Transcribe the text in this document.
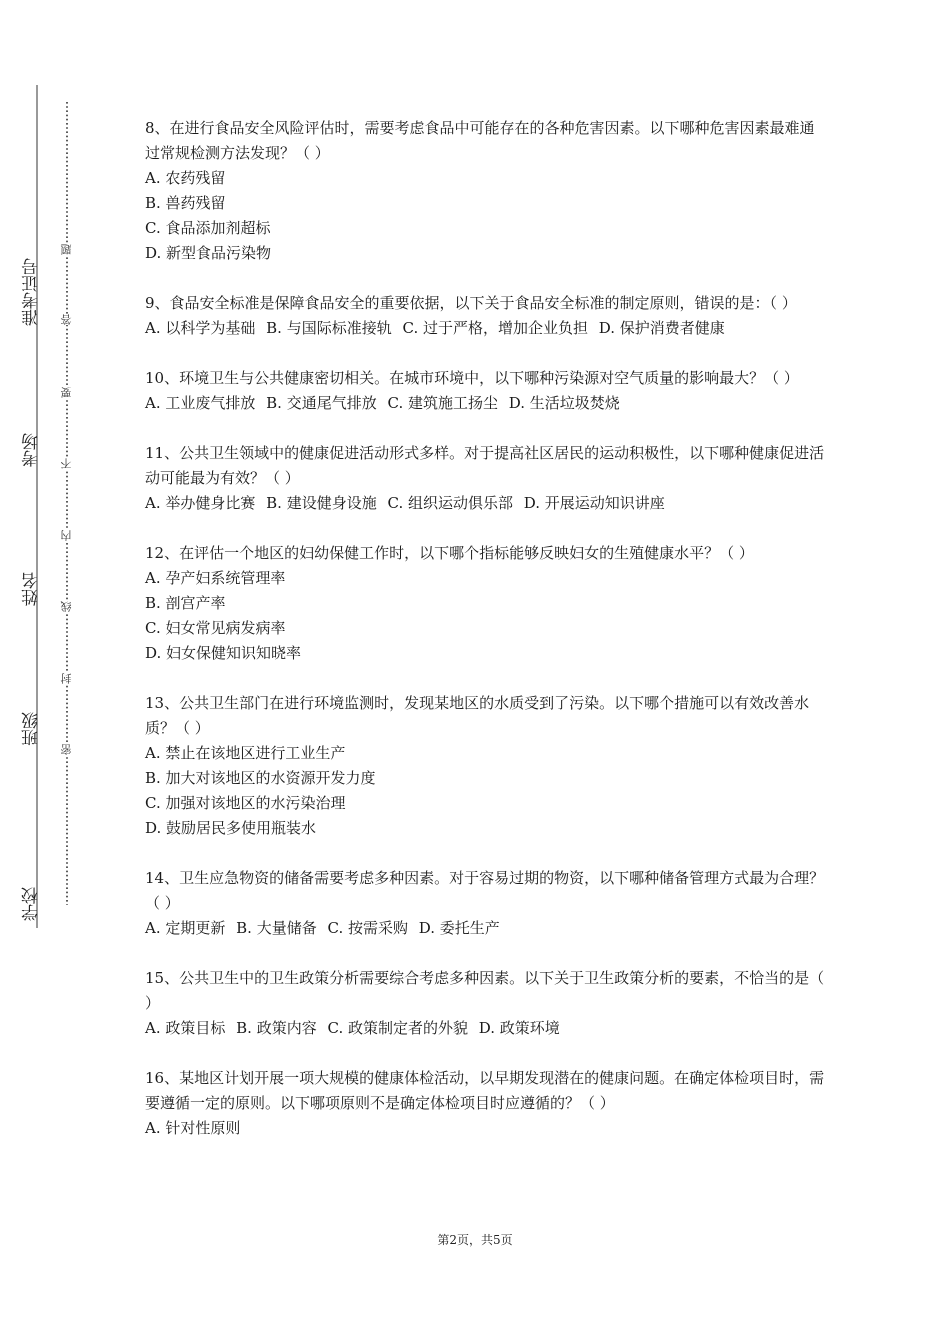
准考证号
考场
姓名
班级
学校
题
答
要
不
内
线
封
密

8、在进行食品安全风险评估时，需要考虑食品中可能存在的各种危害因素。以下哪种危害因素最难通过常规检测方法发现？（ ）

A. 农药残留

B. 兽药残留

C. 食品添加剂超标

D. 新型食品污染物

9、食品安全标准是保障食品安全的重要依据，以下关于食品安全标准的制定原则，错误的是：（ ）

A. 以科学为基础 B. 与国际标准接轨 C. 过于严格，增加企业负担 D. 保护消费者健康

10、环境卫生与公共健康密切相关。在城市环境中，以下哪种污染源对空气质量的影响最大？（ ）

A. 工业废气排放 B. 交通尾气排放 C. 建筑施工扬尘 D. 生活垃圾焚烧

11、公共卫生领域中的健康促进活动形式多样。对于提高社区居民的运动积极性，以下哪种健康促进活动可能最为有效？（ ）

A. 举办健身比赛 B. 建设健身设施 C. 组织运动俱乐部 D. 开展运动知识讲座

12、在评估一个地区的妇幼保健工作时，以下哪个指标能够反映妇女的生殖健康水平？（ ）

A. 孕产妇系统管理率

B. 剖宫产率

C. 妇女常见病发病率

D. 妇女保健知识知晓率

13、公共卫生部门在进行环境监测时，发现某地区的水质受到了污染。以下哪个措施可以有效改善水质？（ ）

A. 禁止在该地区进行工业生产

B. 加大对该地区的水资源开发力度

C. 加强对该地区的水污染治理

D. 鼓励居民多使用瓶装水

14、卫生应急物资的储备需要考虑多种因素。对于容易过期的物资，以下哪种储备管理方式最为合理？（ ）

A. 定期更新 B. 大量储备 C. 按需采购 D. 委托生产

15、公共卫生中的卫生政策分析需要综合考虑多种因素。以下关于卫生政策分析的要素，不恰当的是（ ）

A. 政策目标 B. 政策内容 C. 政策制定者的外貌 D. 政策环境

16、某地区计划开展一项大规模的健康体检活动，以早期发现潜在的健康问题。在确定体检项目时，需要遵循一定的原则。以下哪项原则不是确定体检项目时应遵循的？（ ）

A. 针对性原则

第2页，共5页
